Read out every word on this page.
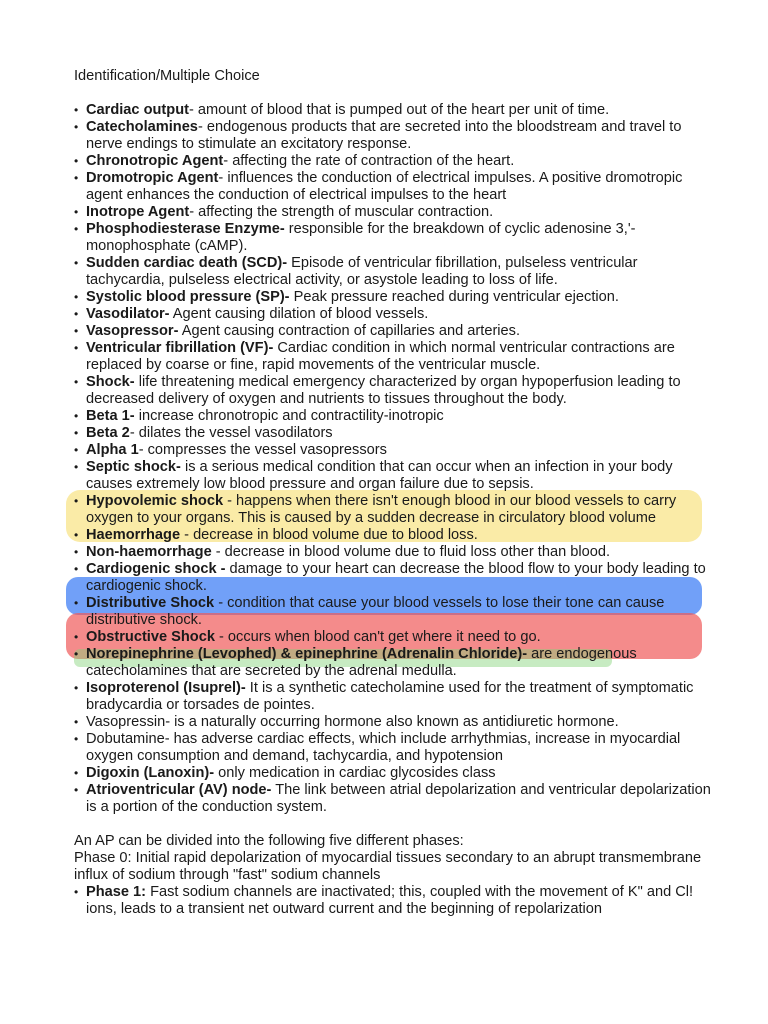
Identification/Multiple Choice
• Cardiac output- amount of blood that is pumped out of the heart per unit of time.
• Catecholamines- endogenous products that are secreted into the bloodstream and travel to nerve endings to stimulate an excitatory response.
• Chronotropic Agent- affecting the rate of contraction of the heart.
• Dromotropic Agent- influences the conduction of electrical impulses. A positive dromotropic agent enhances the conduction of electrical impulses to the heart
• Inotrope Agent- affecting the strength of muscular contraction.
• Phosphodiesterase Enzyme- responsible for the breakdown of cyclic adenosine 3,'-monophosphate (cAMP).
• Sudden cardiac death (SCD)- Episode of ventricular fibrillation, pulseless ventricular tachycardia, pulseless electrical activity, or asystole leading to loss of life.
• Systolic blood pressure (SP)- Peak pressure reached during ventricular ejection.
• Vasodilator- Agent causing dilation of blood vessels.
• Vasopressor- Agent causing contraction of capillaries and arteries.
• Ventricular fibrillation (VF)- Cardiac condition in which normal ventricular contractions are replaced by coarse or fine, rapid movements of the ventricular muscle.
• Shock- life threatening medical emergency characterized by organ hypoperfusion leading to decreased delivery of oxygen and nutrients to tissues throughout the body.
• Beta 1- increase chronotropic and contractility-inotropic
• Beta 2- dilates the vessel vasodilators
• Alpha 1- compresses the vessel vasopressors
• Septic shock- is a serious medical condition that can occur when an infection in your body causes extremely low blood pressure and organ failure due to sepsis.
• Hypovolemic shock - happens when there isn't enough blood in our blood vessels to carry oxygen to your organs. This is caused by a sudden decrease in circulatory blood volume
• Haemorrhage - decrease in blood volume due to blood loss.
• Non-haemorrhage - decrease in blood volume due to fluid loss other than blood.
• Cardiogenic shock - damage to your heart can decrease the blood flow to your body leading to cardiogenic shock.
• Distributive Shock - condition that cause your blood vessels to lose their tone can cause distributive shock.
• Obstructive Shock - occurs when blood can't get where it need to go.
• Norepinephrine (Levophed) & epinephrine (Adrenalin Chloride)- are endogenous catecholamines that are secreted by the adrenal medulla.
• Isoproterenol (Isuprel)- It is a synthetic catecholamine used for the treatment of symptomatic bradycardia or torsades de pointes.
• Vasopressin- is a naturally occurring hormone also known as antidiuretic hormone.
• Dobutamine- has adverse cardiac effects, which include arrhythmias, increase in myocardial oxygen consumption and demand, tachycardia, and hypotension
• Digoxin (Lanoxin)- only medication in cardiac glycosides class
• Atrioventricular (AV) node- The link between atrial depolarization and ventricular depolarization is a portion of the conduction system.

An AP can be divided into the following five different phases:

Phase 0: Initial rapid depolarization of myocardial tissues secondary to an abrupt transmembrane influx of sodium through "fast" sodium channels

• Phase 1: Fast sodium channels are inactivated; this, coupled with the movement of K" and Cl! ions, leads to a transient net outward current and the beginning of repolarization
